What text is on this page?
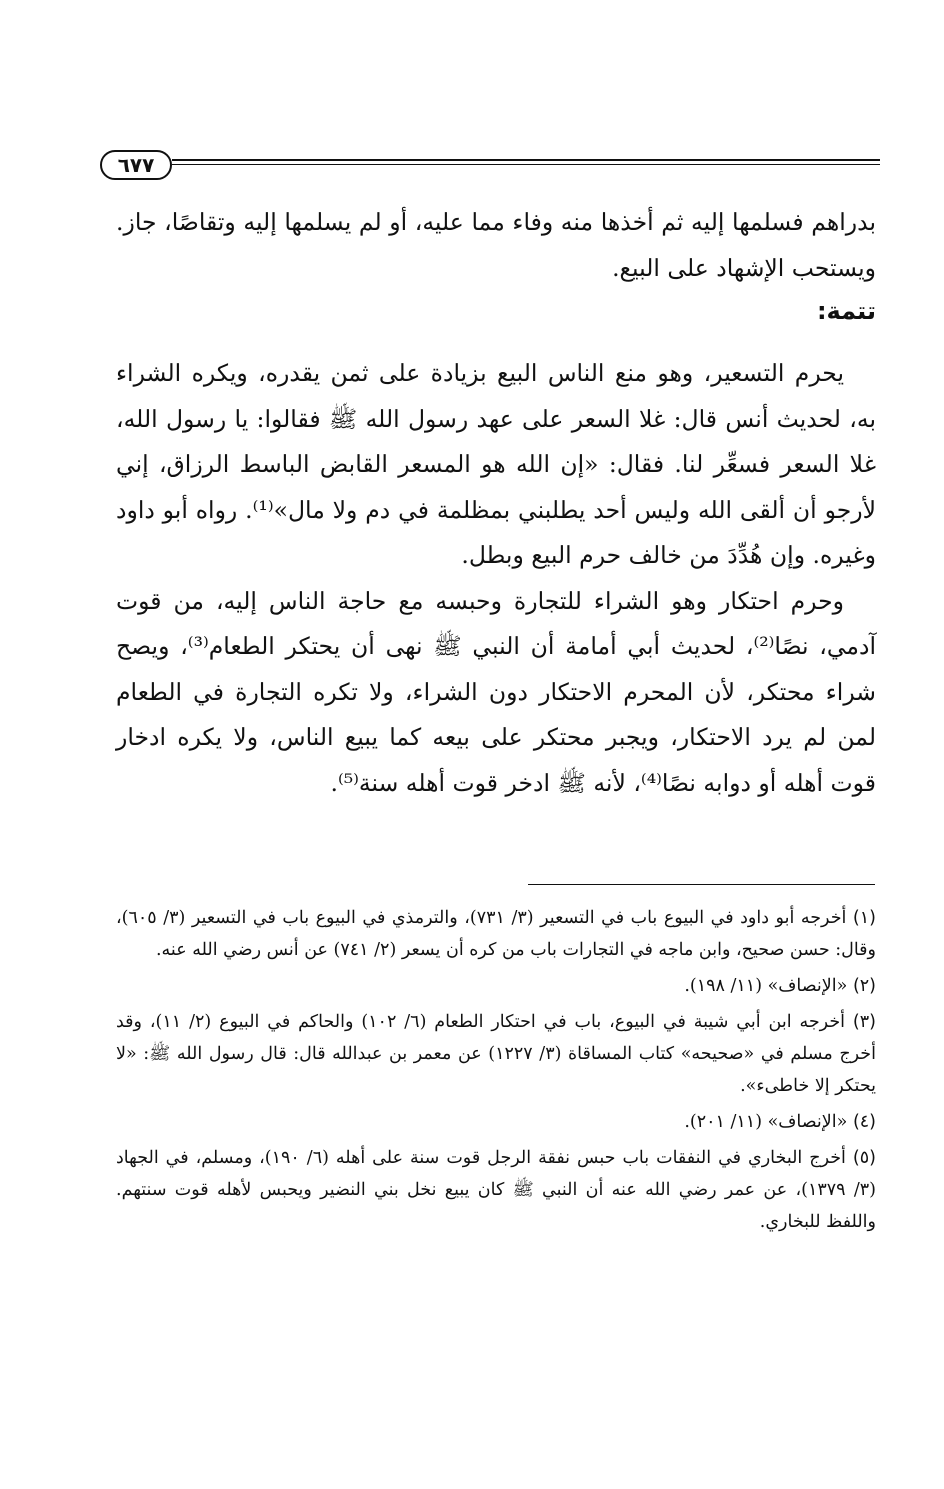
٦٧٧

بدراهم فسلمها إليه ثم أخذها منه وفاء مما عليه، أو لم يسلمها إليه وتقاصًا، جاز. ويستحب الإشهاد على البيع.

تتمة:

يحرم التسعير، وهو منع الناس البيع بزيادة على ثمن يقدره، ويكره الشراء به، لحديث أنس قال: غلا السعر على عهد رسول الله ﷺ فقالوا: يا رسول الله، غلا السعر فسعِّر لنا. فقال: «إن الله هو المسعر القابض الباسط الرزاق، إني لأرجو أن ألقى الله وليس أحد يطلبني بمظلمة في دم ولا مال»⁽¹⁾. رواه أبو داود وغيره. وإن هُدِّدَ من خالف حرم البيع وبطل.

وحرم احتكار وهو الشراء للتجارة وحبسه مع حاجة الناس إليه، من قوت آدمي، نصًا⁽²⁾، لحديث أبي أمامة أن النبي ﷺ نهى أن يحتكر الطعام⁽³⁾، ويصح شراء محتكر، لأن المحرم الاحتكار دون الشراء، ولا تكره التجارة في الطعام لمن لم يرد الاحتكار، ويجبر محتكر على بيعه كما يبيع الناس، ولا يكره ادخار قوت أهله أو دوابه نصًا⁽⁴⁾، لأنه ﷺ ادخر قوت أهله سنة⁽⁵⁾.

(١) أخرجه أبو داود في البيوع باب في التسعير (٣/ ٧٣١)، والترمذي في البيوع باب في التسعير (٣/ ٦٠٥)، وقال: حسن صحيح، وابن ماجه في التجارات باب من كره أن يسعر (٢/ ٧٤١) عن أنس رضي الله عنه.

(٢) «الإنصاف» (١١/ ١٩٨).

(٣) أخرجه ابن أبي شيبة في البيوع، باب في احتكار الطعام (٦/ ١٠٢) والحاكم في البيوع (٢/ ١١)، وقد أخرج مسلم في «صحيحه» كتاب المساقاة (٣/ ١٢٢٧) عن معمر بن عبدالله قال: قال رسول الله ﷺ: «لا يحتكر إلا خاطىء».

(٤) «الإنصاف» (١١/ ٢٠١).

(٥) أخرج البخاري في النفقات باب حبس نفقة الرجل قوت سنة على أهله (٦/ ١٩٠)، ومسلم، في الجهاد (٣/ ١٣٧٩)، عن عمر رضي الله عنه أن النبي ﷺ كان يبيع نخل بني النضير ويحبس لأهله قوت سنتهم. واللفظ للبخاري.
